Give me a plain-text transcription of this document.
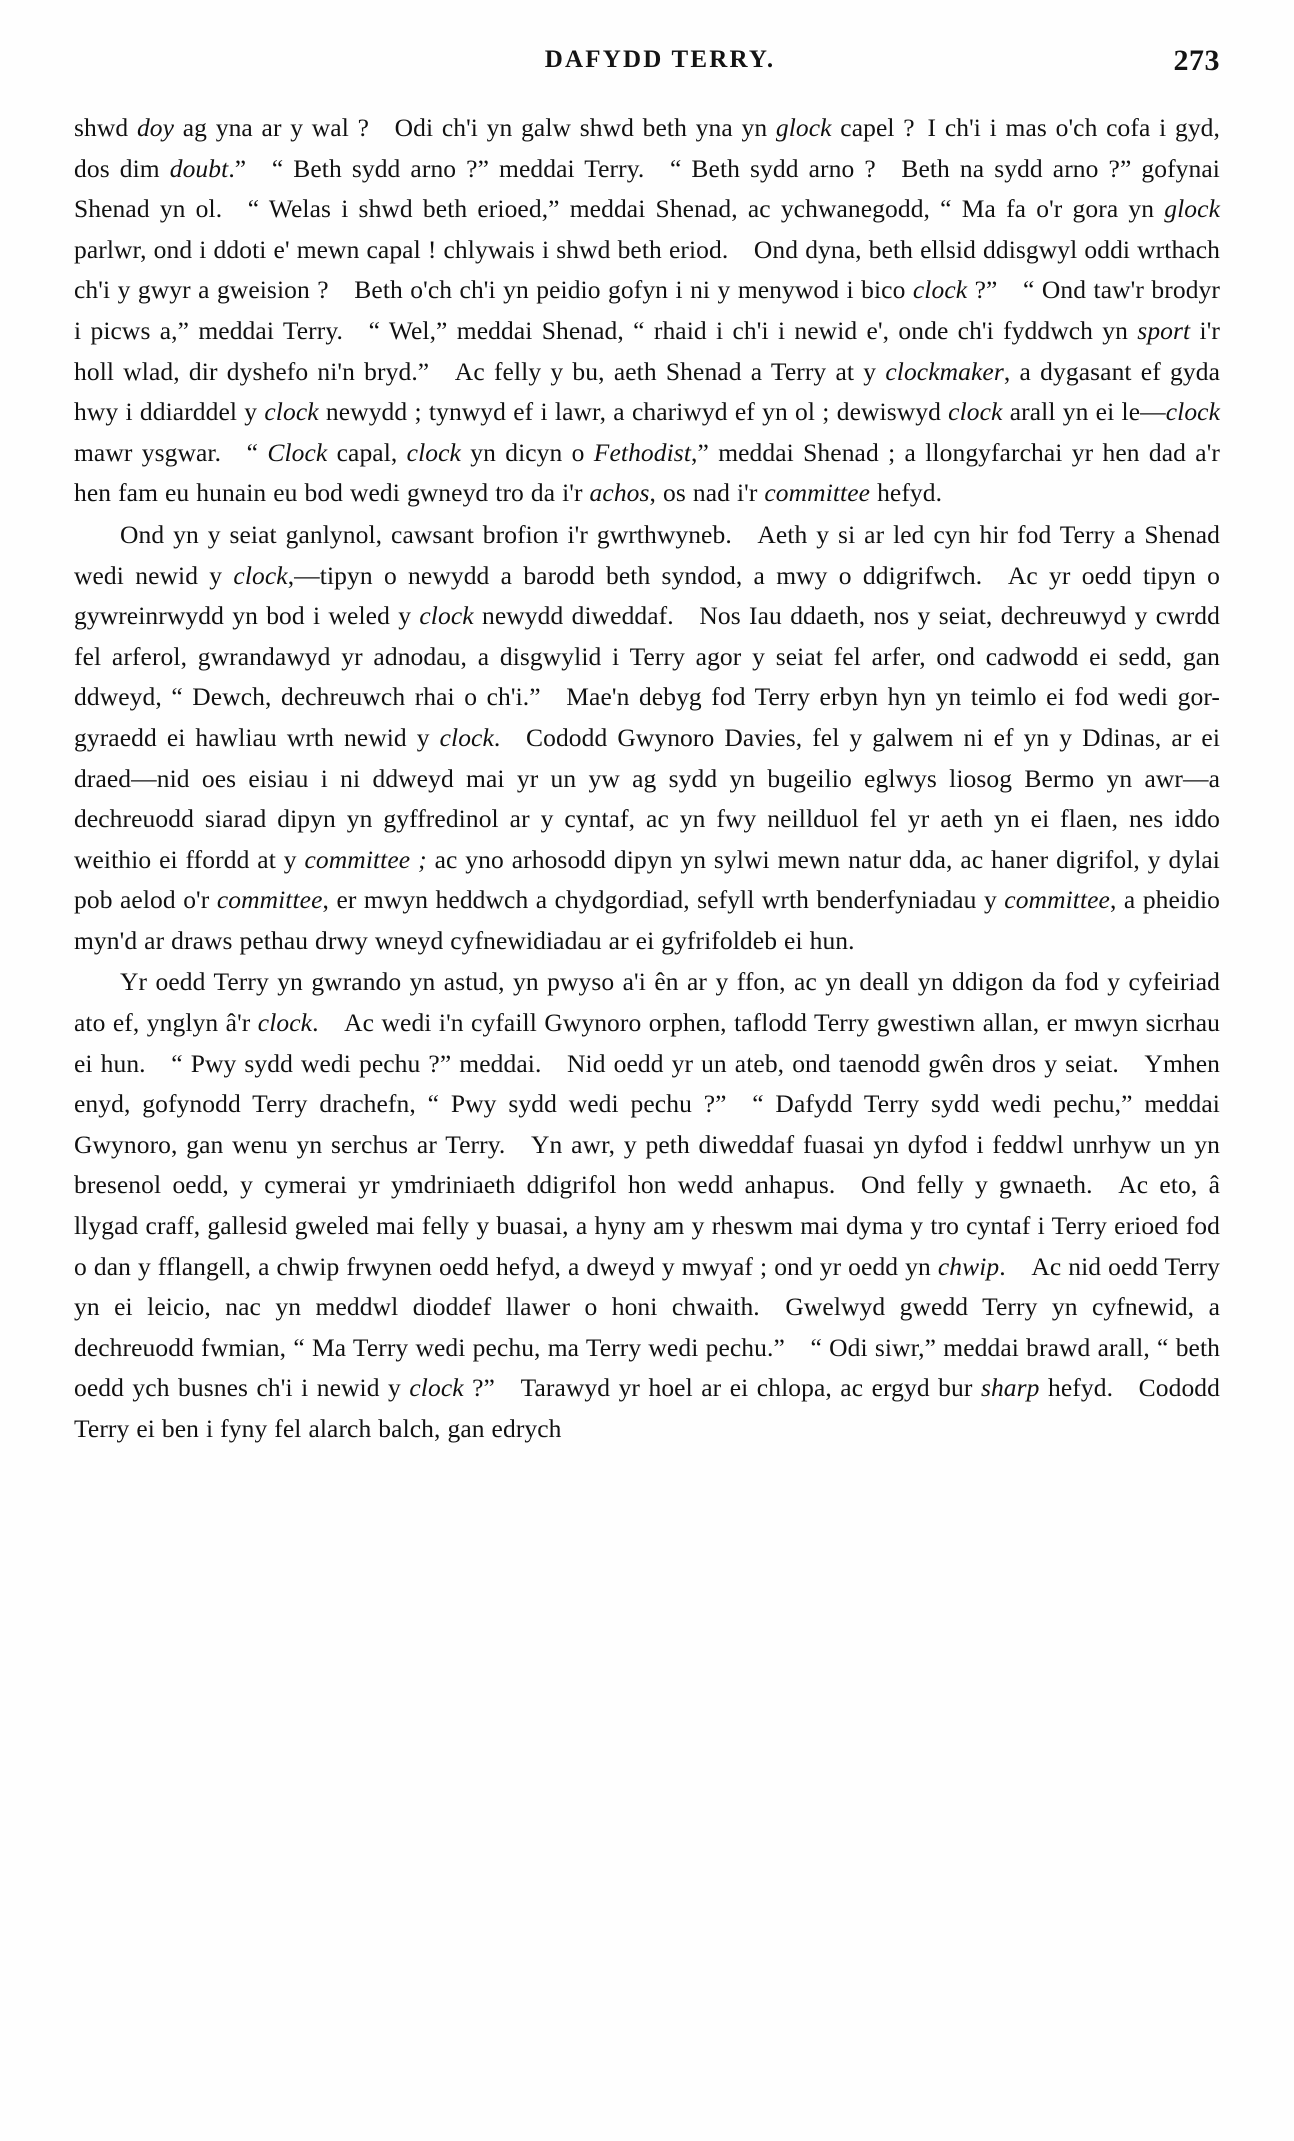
DAFYDD TERRY.	273

shwd doy ag yna ar y wal ? Odi ch'i yn galw shwd beth yna yn glock capel ? I ch'i i mas o'ch cofa i gyd, dos dim doubt.” “ Beth sydd arno ?” meddai Terry. “ Beth sydd arno ? Beth na sydd arno ?” gofynai Shenad yn ol. “ Welas i shwd beth erioed,” meddai Shenad, ac ychwanegodd, “ Ma fa o'r gora yn glock parlwr, ond i ddoti e' mewn capal ! chlywais i shwd beth eriod. Ond dyna, beth ellsid ddisgwyl oddi wrthach ch'i y gwyr a gweision ? Beth o'ch ch'i yn peidio gofyn i ni y menywod i bico clock ?” “ Ond taw'r brodyr i picws a,” meddai Terry. “ Wel,” meddai Shenad, “ rhaid i ch'i i newid e', onde ch'i fyddwch yn sport i'r holl wlad, dir dyshefo ni'n bryd.” Ac felly y bu, aeth Shenad a Terry at y clockmaker, a dygasant ef gyda hwy i ddiarddel y clock newydd ; tynwyd ef i lawr, a chariwyd ef yn ol ; dewiswyd clock arall yn ei le—clock mawr ysgwar. “ Clock capal, clock yn dicyn o Fethodist,” meddai Shenad ; a llongyfarchai yr hen dad a'r hen fam eu hunain eu bod wedi gwneyd tro da i'r achos, os nad i'r committee hefyd.

Ond yn y seiat ganlynol, cawsant brofion i'r gwrthwyneb. Aeth y si ar led cyn hir fod Terry a Shenad wedi newid y clock,—tipyn o newydd a barodd beth syndod, a mwy o ddigrifwch. Ac yr oedd tipyn o gywreinrwydd yn bod i weled y clock newydd diweddaf. Nos Iau ddaeth, nos y seiat, dechreuwyd y cwrdd fel arferol, gwrandawyd yr adnodau, a disgwylid i Terry agor y seiat fel arfer, ond cadwodd ei sedd, gan ddweyd, “ Dewch, dechreuwch rhai o ch'i.” Mae'n debyg fod Terry erbyn hyn yn teimlo ei fod wedi gor-gyraedd ei hawliau wrth newid y clock. Cododd Gwynoro Davies, fel y galwem ni ef yn y Ddinas, ar ei draed—nid oes eisiau i ni ddweyd mai yr un yw ag sydd yn bugeilio eglwys liosog Bermo yn awr—a dechreuodd siarad dipyn yn gyffredinol ar y cyntaf, ac yn fwy neillduol fel yr aeth yn ei flaen, nes iddo weithio ei ffordd at y committee ; ac yno arhosodd dipyn yn sylwi mewn natur dda, ac haner digrifol, y dylai pob aelod o'r committee, er mwyn heddwch a chydgordiad, sefyll wrth benderfyniadau y committee, a pheidio myn'd ar draws pethau drwy wneyd cyfnewidiadau ar ei gyfrifoldeb ei hun.

Yr oedd Terry yn gwrando yn astud, yn pwyso a'i ên ar y ffon, ac yn deall yn ddigon da fod y cyfeiriad ato ef, ynglyn â'r clock. Ac wedi i'n cyfaill Gwynoro orphen, taflodd Terry gwestiwn allan, er mwyn sicrhau ei hun. “ Pwy sydd wedi pechu ?” meddai. Nid oedd yr un ateb, ond taenodd gwên dros y seiat. Ymhen enyd, gofynodd Terry drachefn, “ Pwy sydd wedi pechu ?” “ Dafydd Terry sydd wedi pechu,” meddai Gwynoro, gan wenu yn serchus ar Terry. Yn awr, y peth diweddaf fuasai yn dyfod i feddwl unrhyw un yn bresenol oedd, y cymerai yr ymdriniaeth ddigrifol hon wedd anhapus. Ond felly y gwnaeth. Ac eto, â llygad craff, gallesid gweled mai felly y buasai, a hyny am y rheswm mai dyma y tro cyntaf i Terry erioed fod o dan y fflangell, a chwip frwynen oedd hefyd, a dweyd y mwyaf ; ond yr oedd yn chwip. Ac nid oedd Terry yn ei leicio, nac yn meddwl dioddef llawer o honi chwaith. Gwelwyd gwedd Terry yn cyfnewid, a dechreuodd fwmian, “ Ma Terry wedi pechu, ma Terry wedi pechu.” “ Odi siwr,” meddai brawd arall, “ beth oedd ych busnes ch'i i newid y clock ?” Tarawyd yr hoel ar ei chlopa, ac ergyd bur sharp hefyd. Cododd Terry ei ben i fyny fel alarch balch, gan edrych
